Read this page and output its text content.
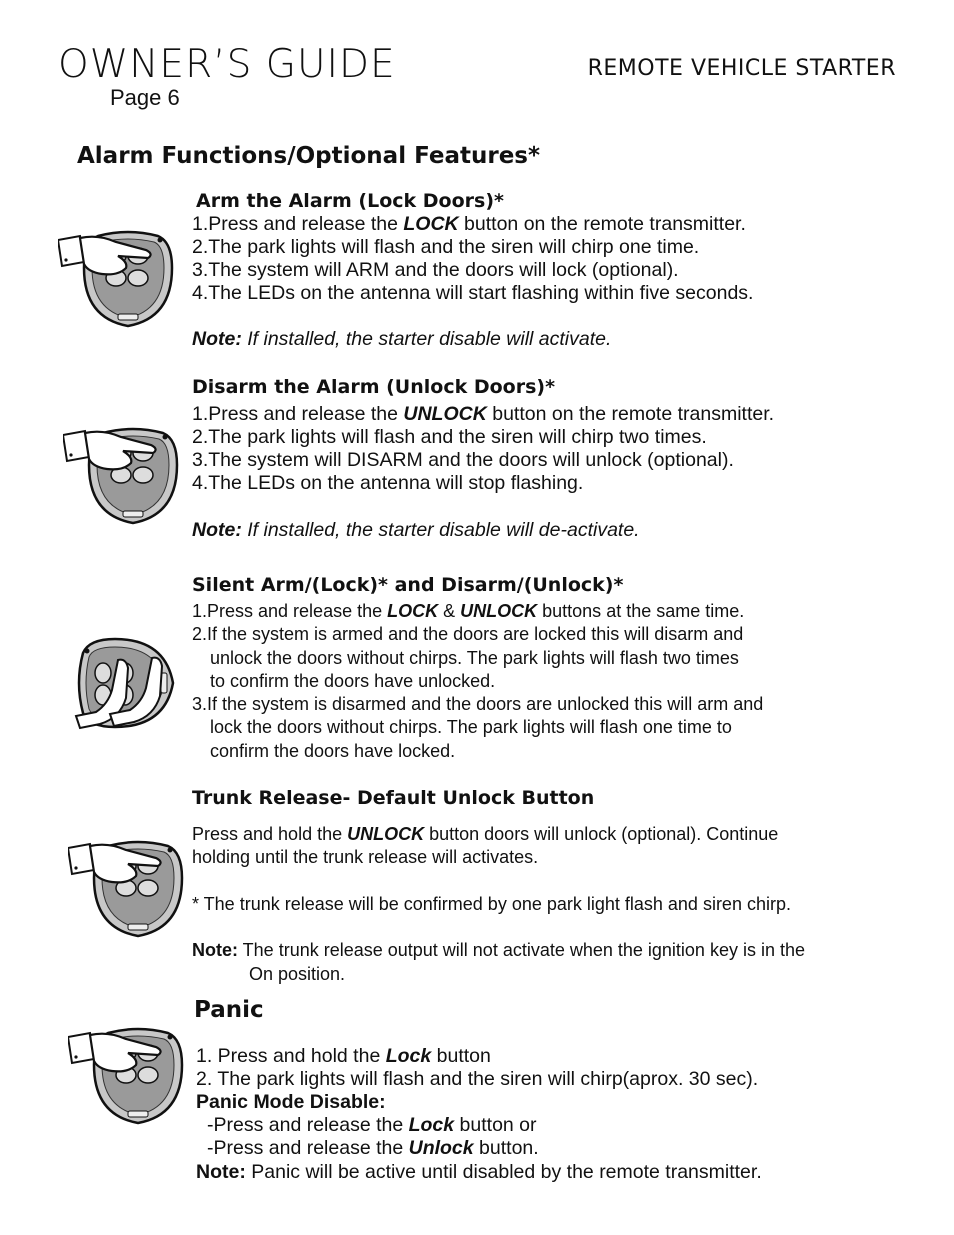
OWNER’S GUIDE
Page 6
REMOTE VEHICLE STARTER
Alarm Functions/Optional Features*
Arm the Alarm (Lock Doors)*
1.Press and release the LOCK button on the remote transmitter.
2.The park lights will flash and the siren will chirp one time.
3.The system will ARM and the doors will lock (optional).
4.The LEDs on the antenna will start flashing within five seconds.
Note: If installed, the starter disable will activate.
Disarm the Alarm (Unlock Doors)*
1.Press and release the UNLOCK button on the remote transmitter.
2.The park lights will flash and the siren will chirp two times.
3.The system will DISARM and the doors will unlock (optional).
4.The LEDs on the antenna will stop flashing.
Note: If installed, the starter disable will de-activate.
Silent Arm/(Lock)* and Disarm/(Unlock)*
1.Press and release the LOCK & UNLOCK buttons at the same time.
2.If the system is armed and the doors are locked this will disarm and
unlock the doors without chirps. The park lights will flash two times
to confirm the doors have unlocked.
3.If the system is disarmed and the doors are unlocked this will arm and
lock the doors without chirps. The park lights will flash one time to
confirm the doors have locked.
Trunk Release- Default Unlock Button
Press and hold the UNLOCK button doors will unlock (optional). Continue
holding until the trunk release will activates.
* The trunk release will be confirmed by one park light flash and siren chirp.
Note: The trunk release output will not activate when the ignition key is in the
On position.
Panic
1. Press and hold the Lock button
2. The park lights will flash and the siren will chirp(aprox. 30 sec).
Panic Mode Disable:
-Press and release the Lock button or
-Press and release the Unlock button.
Note: Panic will be active until disabled by the remote transmitter.
